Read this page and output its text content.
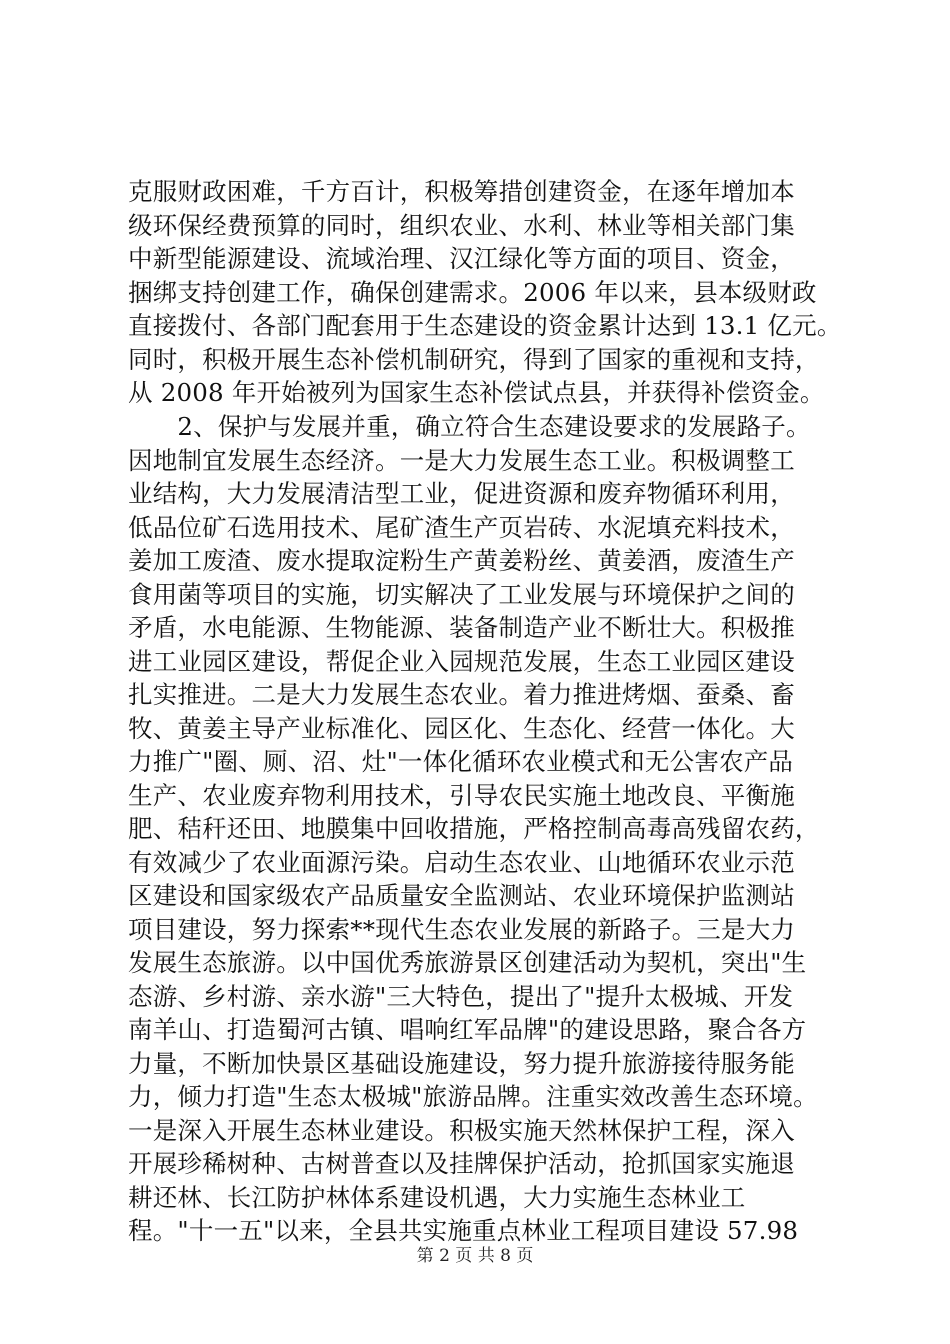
克服财政困难，千方百计，积极筹措创建资金，在逐年增加本
级环保经费预算的同时，组织农业、水利、林业等相关部门集
中新型能源建设、流域治理、汉江绿化等方面的项目、资金，
捆绑支持创建工作，确保创建需求。2006 年以来，县本级财政
直接拨付、各部门配套用于生态建设的资金累计达到 13.1 亿元。
同时，积极开展生态补偿机制研究，得到了国家的重视和支持，
从 2008 年开始被列为国家生态补偿试点县，并获得补偿资金。
　　2、保护与发展并重，确立符合生态建设要求的发展路子。
因地制宜发展生态经济。一是大力发展生态工业。积极调整工
业结构，大力发展清洁型工业，促进资源和废弃物循环利用，
低品位矿石选用技术、尾矿渣生产页岩砖、水泥填充料技术，
姜加工废渣、废水提取淀粉生产黄姜粉丝、黄姜酒，废渣生产
食用菌等项目的实施，切实解决了工业发展与环境保护之间的
矛盾，水电能源、生物能源、装备制造产业不断壮大。积极推
进工业园区建设，帮促企业入园规范发展，生态工业园区建设
扎实推进。二是大力发展生态农业。着力推进烤烟、蚕桑、畜
牧、黄姜主导产业标准化、园区化、生态化、经营一体化。大
力推广"圈、厕、沼、灶"一体化循环农业模式和无公害农产品
生产、农业废弃物利用技术，引导农民实施土地改良、平衡施
肥、秸秆还田、地膜集中回收措施，严格控制高毒高残留农药，
有效减少了农业面源污染。启动生态农业、山地循环农业示范
区建设和国家级农产品质量安全监测站、农业环境保护监测站
项目建设，努力探索**现代生态农业发展的新路子。三是大力
发展生态旅游。以中国优秀旅游景区创建活动为契机，突出"生
态游、乡村游、亲水游"三大特色，提出了"提升太极城、开发
南羊山、打造蜀河古镇、唱响红军品牌"的建设思路，聚合各方
力量，不断加快景区基础设施建设，努力提升旅游接待服务能
力，倾力打造"生态太极城"旅游品牌。注重实效改善生态环境。
一是深入开展生态林业建设。积极实施天然林保护工程，深入
开展珍稀树种、古树普查以及挂牌保护活动，抢抓国家实施退
耕还林、长江防护林体系建设机遇，大力实施生态林业工
程。"十一五"以来，全县共实施重点林业工程项目建设 57.98
第 2 页 共 8 页
